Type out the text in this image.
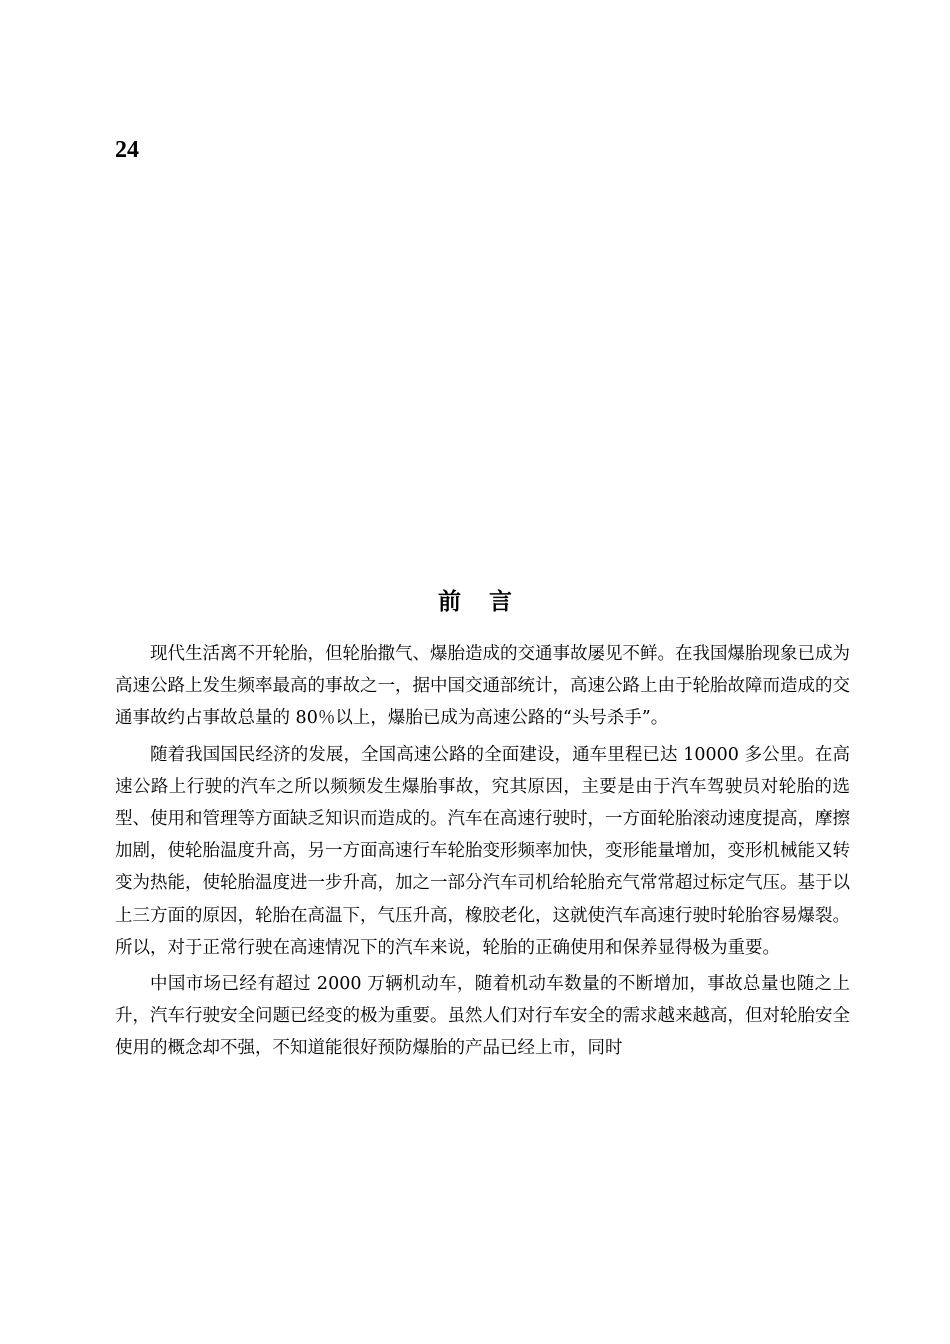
24
前 言

现代生活离不开轮胎，但轮胎撒气、爆胎造成的交通事故屡见不鲜。在我国爆胎现象已成为高速公路上发生频率最高的事故之一，据中国交通部统计，高速公路上由于轮胎故障而造成的交通事故约占事故总量的 80％以上，爆胎已成为高速公路的“头号杀手”。

随着我国国民经济的发展，全国高速公路的全面建设，通车里程已达 10000 多公里。在高速公路上行驶的汽车之所以频频发生爆胎事故，究其原因，主要是由于汽车驾驶员对轮胎的选型、使用和管理等方面缺乏知识而造成的。汽车在高速行驶时，一方面轮胎滚动速度提高，摩擦加剧，使轮胎温度升高，另一方面高速行车轮胎变形频率加快，变形能量增加，变形机械能又转变为热能，使轮胎温度进一步升高，加之一部分汽车司机给轮胎充气常常超过标定气压。基于以上三方面的原因，轮胎在高温下，气压升高，橡胶老化，这就使汽车高速行驶时轮胎容易爆裂。所以，对于正常行驶在高速情况下的汽车来说，轮胎的正确使用和保养显得极为重要。

中国市场已经有超过 2000 万辆机动车，随着机动车数量的不断增加，事故总量也随之上升，汽车行驶安全问题已经变的极为重要。虽然人们对行车安全的需求越来越高，但对轮胎安全使用的概念却不强，不知道能很好预防爆胎的产品已经上市，同时
